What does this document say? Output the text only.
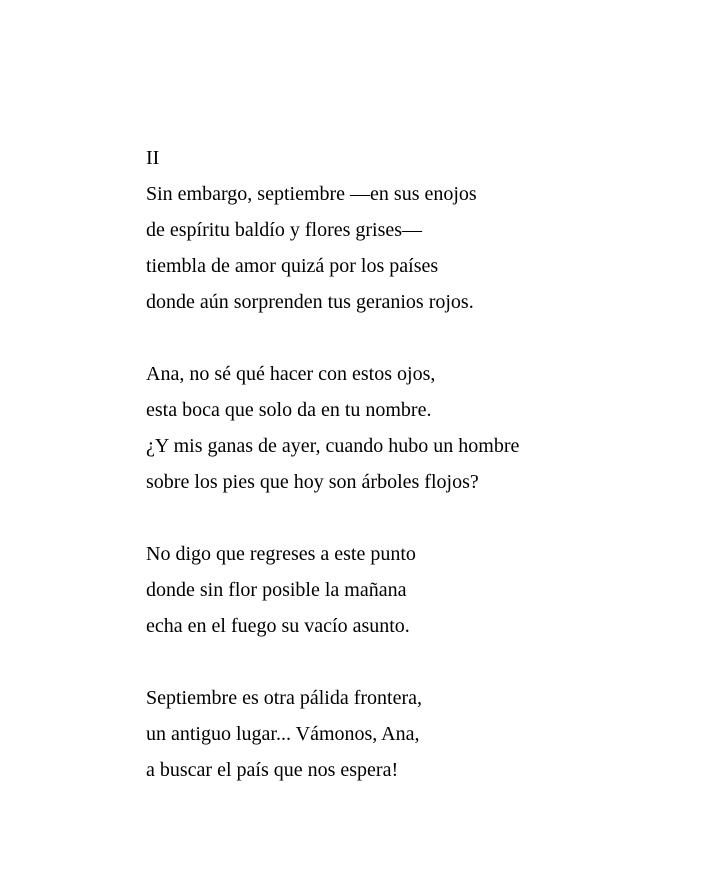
II
Sin embargo, septiembre —en sus enojos
de espíritu baldío y flores grises—
tiembla de amor quizá por los países
donde aún sorprenden tus geranios rojos.
Ana, no sé qué hacer con estos ojos,
esta boca que solo da en tu nombre.
¿Y mis ganas de ayer, cuando hubo un hombre
sobre los pies que hoy son árboles flojos?
No digo que regreses a este punto
donde sin flor posible la mañana
echa en el fuego su vacío asunto.
Septiembre es otra pálida frontera,
un antiguo lugar... Vámonos, Ana,
a buscar el país que nos espera!
